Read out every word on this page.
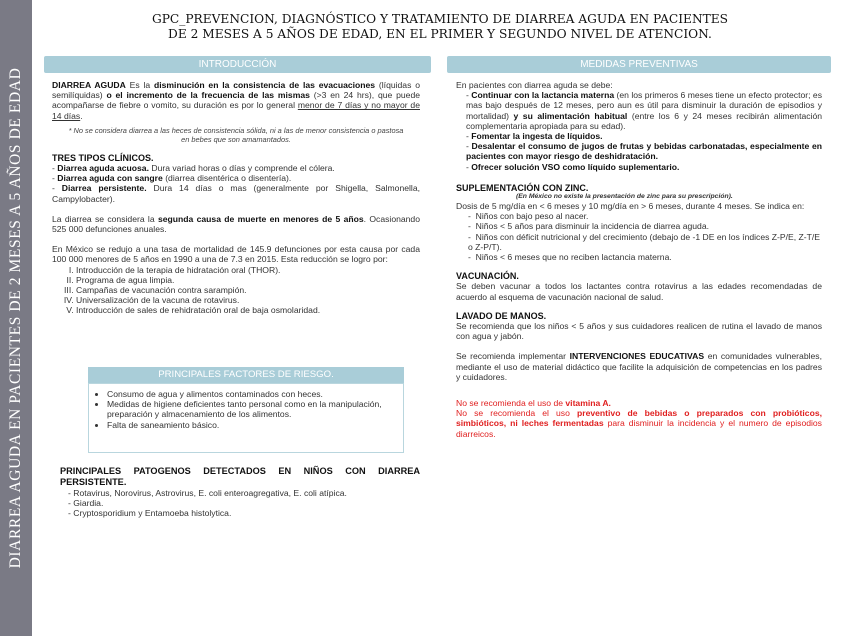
DIARREA AGUDA EN PACIENTES DE 2 MESES A 5 AÑOS DE EDAD
GPC_PREVENCION, DIAGNÓSTICO Y TRATAMIENTO DE DIARREA AGUDA EN PACIENTES
DE 2 MESES A 5 AÑOS DE EDAD, EN EL PRIMER Y SEGUNDO NIVEL DE ATENCION.
INTRODUCCIÓN

DIARREA AGUDA Es la disminución en la consistencia de las evacuaciones (líquidas o semilíquidas) o el incremento de la frecuencia de las mismas (>3 en 24 hrs), que puede acompañarse de fiebre o vomito, su duración es por lo general menor de 7 días y no mayor de 14 días.

* No se considera diarrea a las heces de consistencia sólida, ni a las de menor consistencia o pastosa en bebes que son amamantados.

TRES TIPOS CLÍNICOS.

- Diarrea aguda acuosa. Dura variad horas o días y comprende el cólera.
- Diarrea aguda con sangre (diarrea disentérica o disentería).
- Diarrea persistente. Dura 14 días o mas (generalmente por Shigella, Salmonella, Campylobacter).

La diarrea se considera la segunda causa de muerte en menores de 5 años. Ocasionando 525 000 defunciones anuales.

En México se redujo a una tasa de mortalidad de 145.9 defunciones por esta causa por cada 100 000 menores de 5 años en 1990 a una de 7.3 en 2015. Esta reducción se logro por:

I. Introducción de la terapia de hidratación oral (THOR).
II. Programa de agua limpia.
III. Campañas de vacunación contra sarampión.
IV. Universalización de la vacuna de rotavirus.
V. Introducción de sales de rehidratación oral de baja osmolaridad.
PRINCIPALES FACTORES DE RIESGO.
• Consumo de agua y alimentos contaminados con heces.
• Medidas de higiene deficientes tanto personal como en la manipulación, preparación y almacenamiento de los alimentos.
• Falta de saneamiento básico.

PRINCIPALES PATOGENOS DETECTADOS EN NIÑOS CON DIARREA PERSISTENTE.

- Rotavirus, Norovirus, Astrovirus, E. coli enteroagregativa, E. coli atípica.
- Giardia.
- Cryptosporidium y Entamoeba histolytica.
MEDIDAS PREVENTIVAS

En pacientes con diarrea aguda se debe:

- Continuar con la lactancia materna (en los primeros 6 meses tiene un efecto protector; es mas bajo después de 12 meses, pero aun es útil para disminuir la duración de episodios y mortalidad) y su alimentación habitual (entre los 6 y 24 meses recibirán alimentación complementaria apropiada para su edad).
- Fomentar la ingesta de líquidos.
- Desalentar el consumo de jugos de frutas y bebidas carbonatadas, especialmente en pacientes con mayor riesgo de deshidratación.
- Ofrecer solución VSO como líquido suplementario.

SUPLEMENTACIÓN CON ZINC.

(En México no existe la presentación de zinc para su prescripción).

Dosis de 5 mg/día en < 6 meses y 10 mg/día en > 6 meses, durante 4 meses. Se indica en:

-  Niños con bajo peso al nacer.
-  Niños < 5 años para disminuir la incidencia de diarrea aguda.
-  Niños con déficit nutricional y del crecimiento (debajo de -1 DE en los índices Z-P/E, Z-T/E o Z-P/T).
-  Niños < 6 meses que no reciben lactancia materna.

VACUNACIÓN.

Se deben vacunar a todos los lactantes contra rotavirus a las edades recomendadas de acuerdo al esquema de vacunación nacional de salud.

LAVADO DE MANOS.

Se recomienda que los niños < 5 años y sus cuidadores realicen de rutina el lavado de manos con agua y jabón.

Se recomienda implementar INTERVENCIONES EDUCATIVAS en comunidades vulnerables, mediante el uso de material didáctico que facilite la adquisición de competencias en los padres y cuidadores.

No se recomienda el uso de vitamina A.

No se recomienda el uso preventivo de bebidas o preparados con probióticos, simbióticos, ni leches fermentadas para disminuir la incidencia y el numero de episodios diarreicos.
